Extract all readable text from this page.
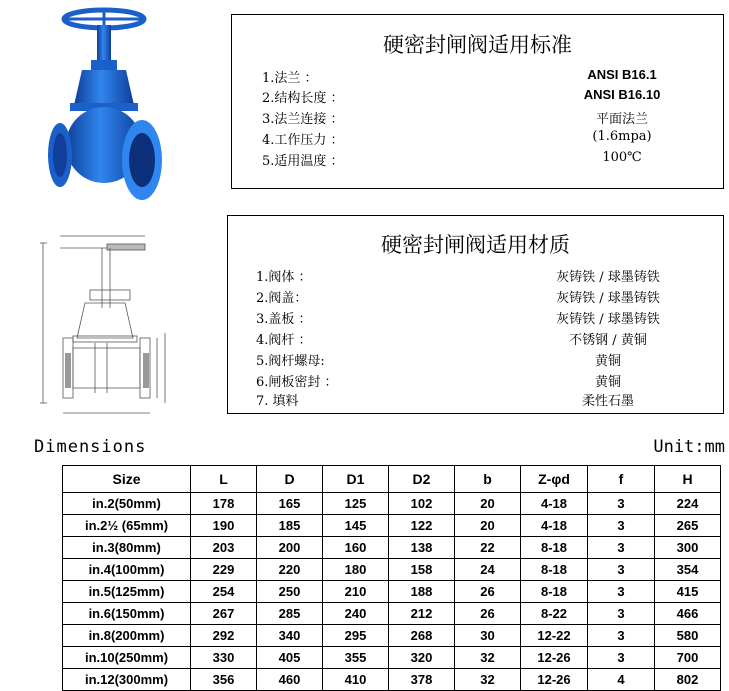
硬密封闸阀适用标准
1.法兰 ：	ANSI B16.1
2.结构长度 ：	ANSI B16.10
3.法兰连接 ：	平面法兰
4.工作压力 ：	(1.6mpa)
5.适用温度 ：	100℃
硬密封闸阀适用材质
1.阀体 ：	灰铸铁 / 球墨铸铁
2.阀盖：	灰铸铁 / 球墨铸铁
3.盖板 ：	灰铸铁 / 球墨铸铁
4.阀杆 ：	不锈钢 / 黄铜
5.阀杆螺母:	黄铜
6.闸板密封 ：	黄铜
7. 填料	柔性石墨
Dimensions	Unit:mm
Size	L	D	D1	D2	b	Z-φd	f	H
in.2(50mm)	178	165	125	102	20	4-18	3	224
in.2½ (65mm)	190	185	145	122	20	4-18	3	265
in.3(80mm)	203	200	160	138	22	8-18	3	300
in.4(100mm)	229	220	180	158	24	8-18	3	354
in.5(125mm)	254	250	210	188	26	8-18	3	415
in.6(150mm)	267	285	240	212	26	8-22	3	466
in.8(200mm)	292	340	295	268	30	12-22	3	580
in.10(250mm)	330	405	355	320	32	12-26	3	700
in.12(300mm)	356	460	410	378	32	12-26	4	802
